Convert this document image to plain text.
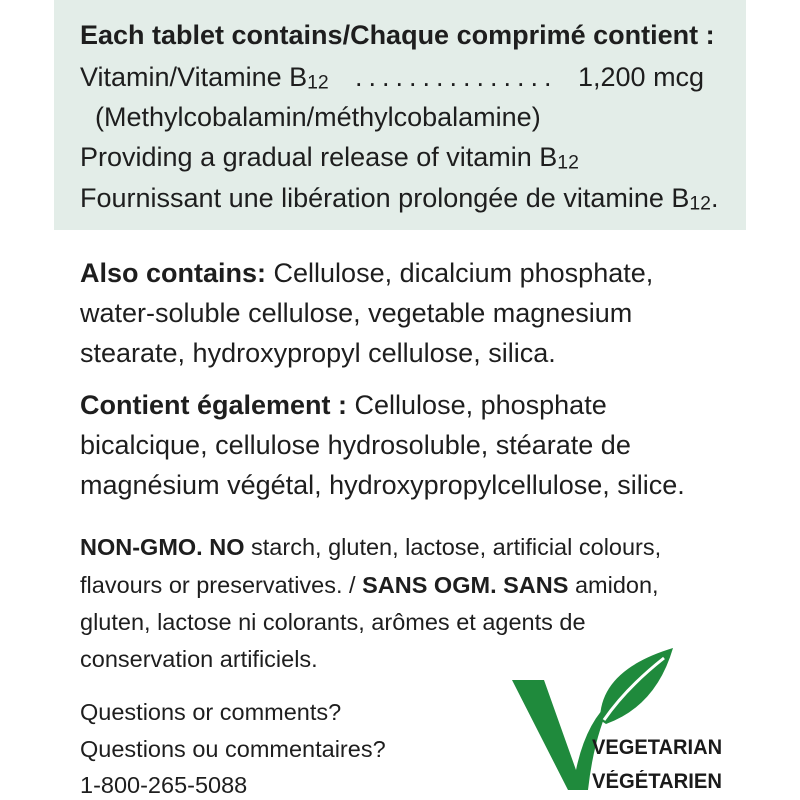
Each tablet contains/Chaque comprimé contient :
Vitamin/Vitamine $B_{12}$ ............... 1,200 mcg
(Methylcobalamin/méthylcobalamine)
Providing a gradual release of vitamin $B_{12}$
Fournissant une libération prolongée de vitamine $B_{12}$.
Also contains: Cellulose, dicalcium phosphate,
water-soluble cellulose, vegetable magnesium
stearate, hydroxypropyl cellulose, silica.
Contient également : Cellulose, phosphate
bicalcique, cellulose hydrosoluble, stéarate de
magnésium végétal, hydroxypropylcellulose, silice.
NON-GMO. NO starch, gluten, lactose, artificial colours,
flavours or preservatives. / SANS OGM. SANS amidon,
gluten, lactose ni colorants, arômes et agents de
conservation artificiels.
Questions or comments?
Questions ou commentaires?
1-800-265-5088
VEGETARIAN
VÉGÉTARIEN
